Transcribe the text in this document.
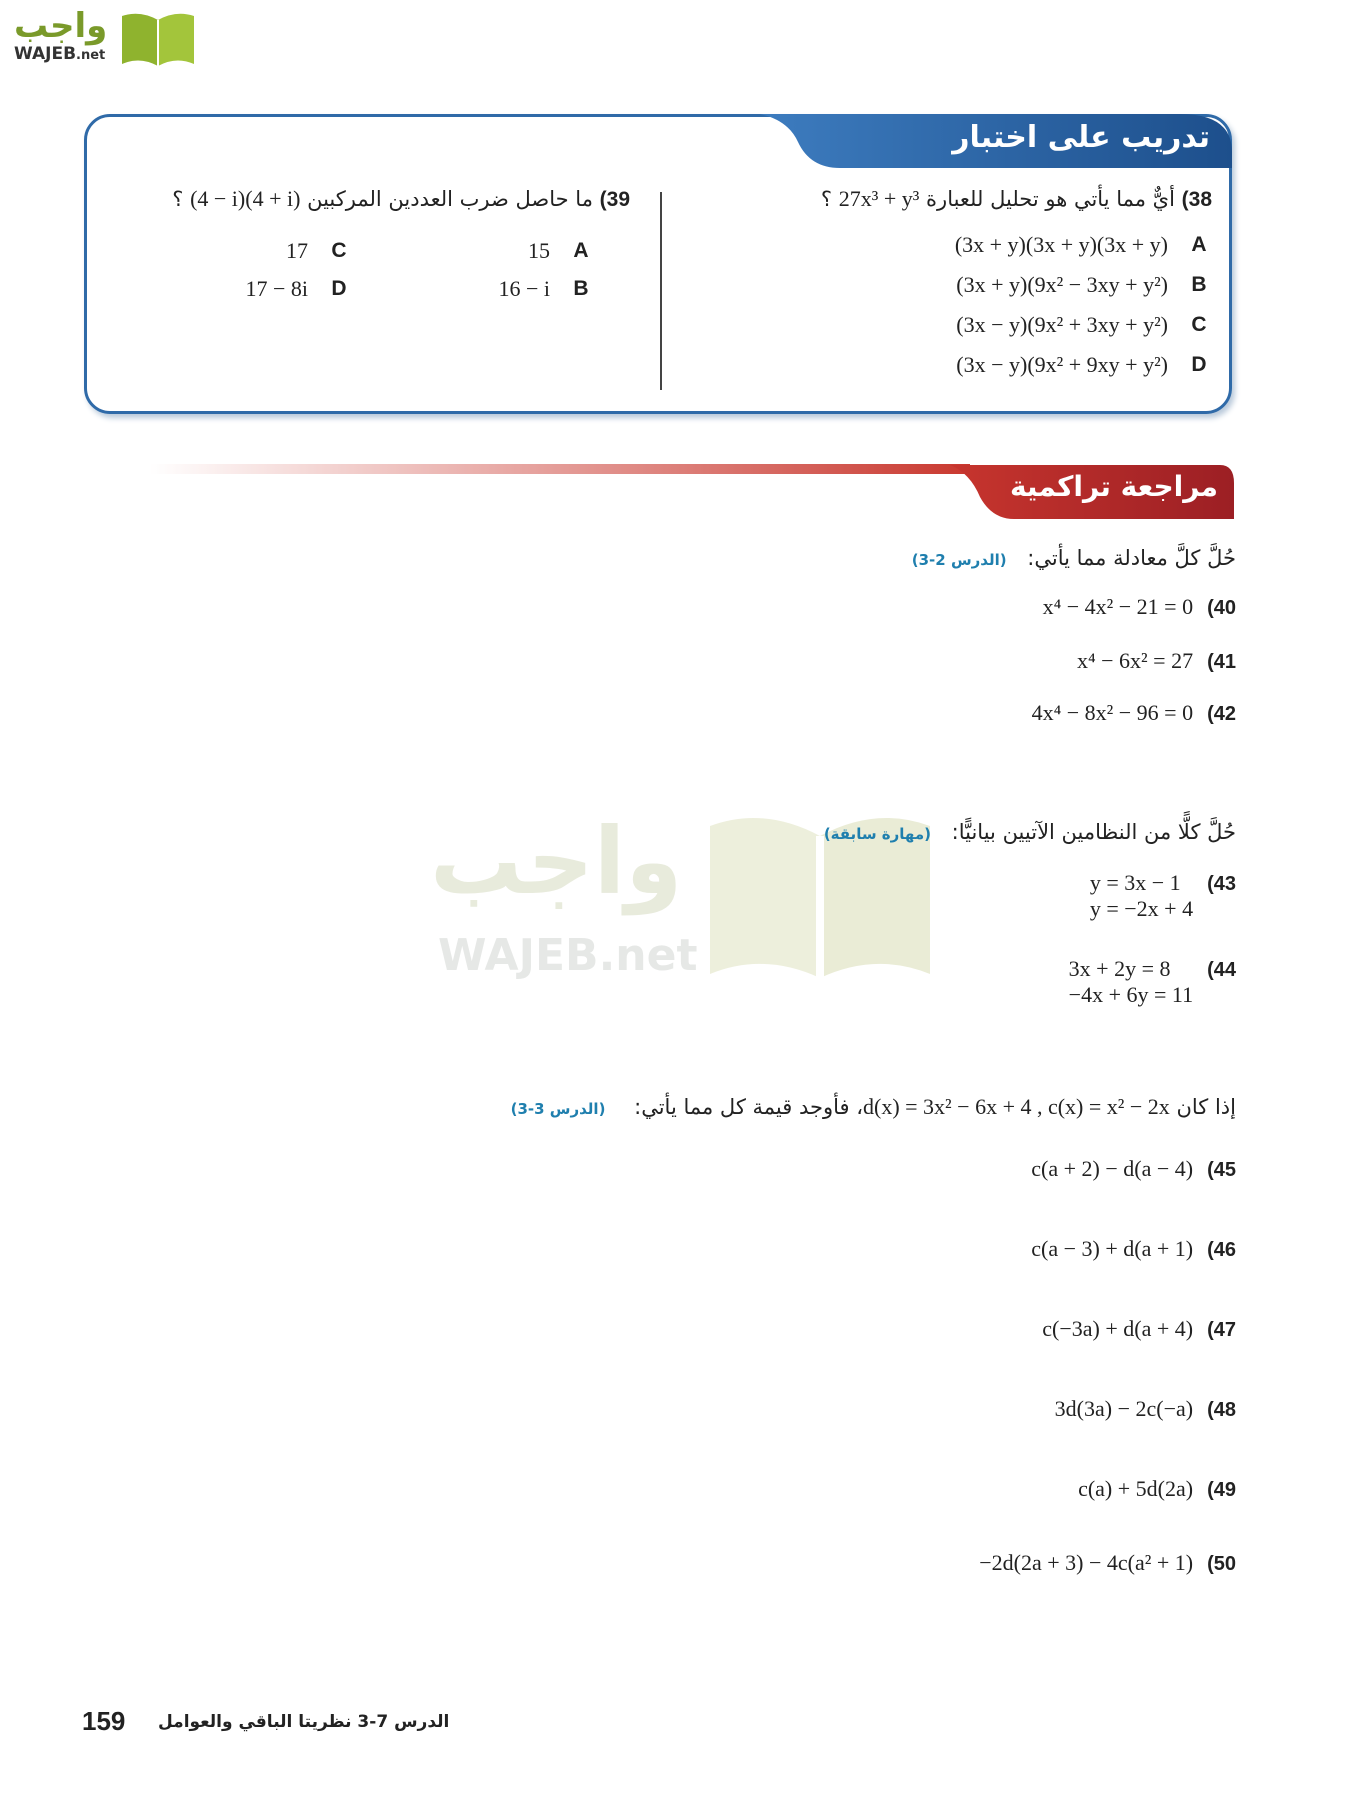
واجب
WAJEB.net
تدريب على اختبار
38) أيٌّ مما يأتي هو تحليل للعبارة 27x³ + y³ ؟
A
(3x + y)(3x + y)(3x + y)
B
(3x + y)(9x² − 3xy + y²)
C
(3x − y)(9x² + 3xy + y²)
D
(3x − y)(9x² + 9xy + y²)
39) ما حاصل ضرب العددين المركبين (4 − i)(4 + i) ؟
A
15
B
16 − i
C
17
D
17 − 8i
مراجعة تراكمية
حُلَّ كلَّ معادلة مما يأتي: (الدرس 2-3)
40)
x⁴ − 4x² − 21 = 0
41)
x⁴ − 6x² = 27
42)
4x⁴ − 8x² − 96 = 0
واجب
WAJEB.net
حُلَّ كلًّا من النظامين الآتيين بيانيًّا: (مهارة سابقة)
43)
y = 3x − 1
y = −2x + 4
44)
3x + 2y = 8
−4x + 6y = 11
إذا كان d(x) = 3x² − 6x + 4 , c(x) = x² − 2x، فأوجد قيمة كل مما يأتي: (الدرس 3-3)
45)
c(a + 2) − d(a − 4)
46)
c(a − 3) + d(a + 1)
47)
c(−3a) + d(a + 4)
48)
3d(3a) − 2c(−a)
49)
c(a) + 5d(2a)
50)
−2d(2a + 3) − 4c(a² + 1)
159 الدرس 7-3 نظريتا الباقي والعوامل
